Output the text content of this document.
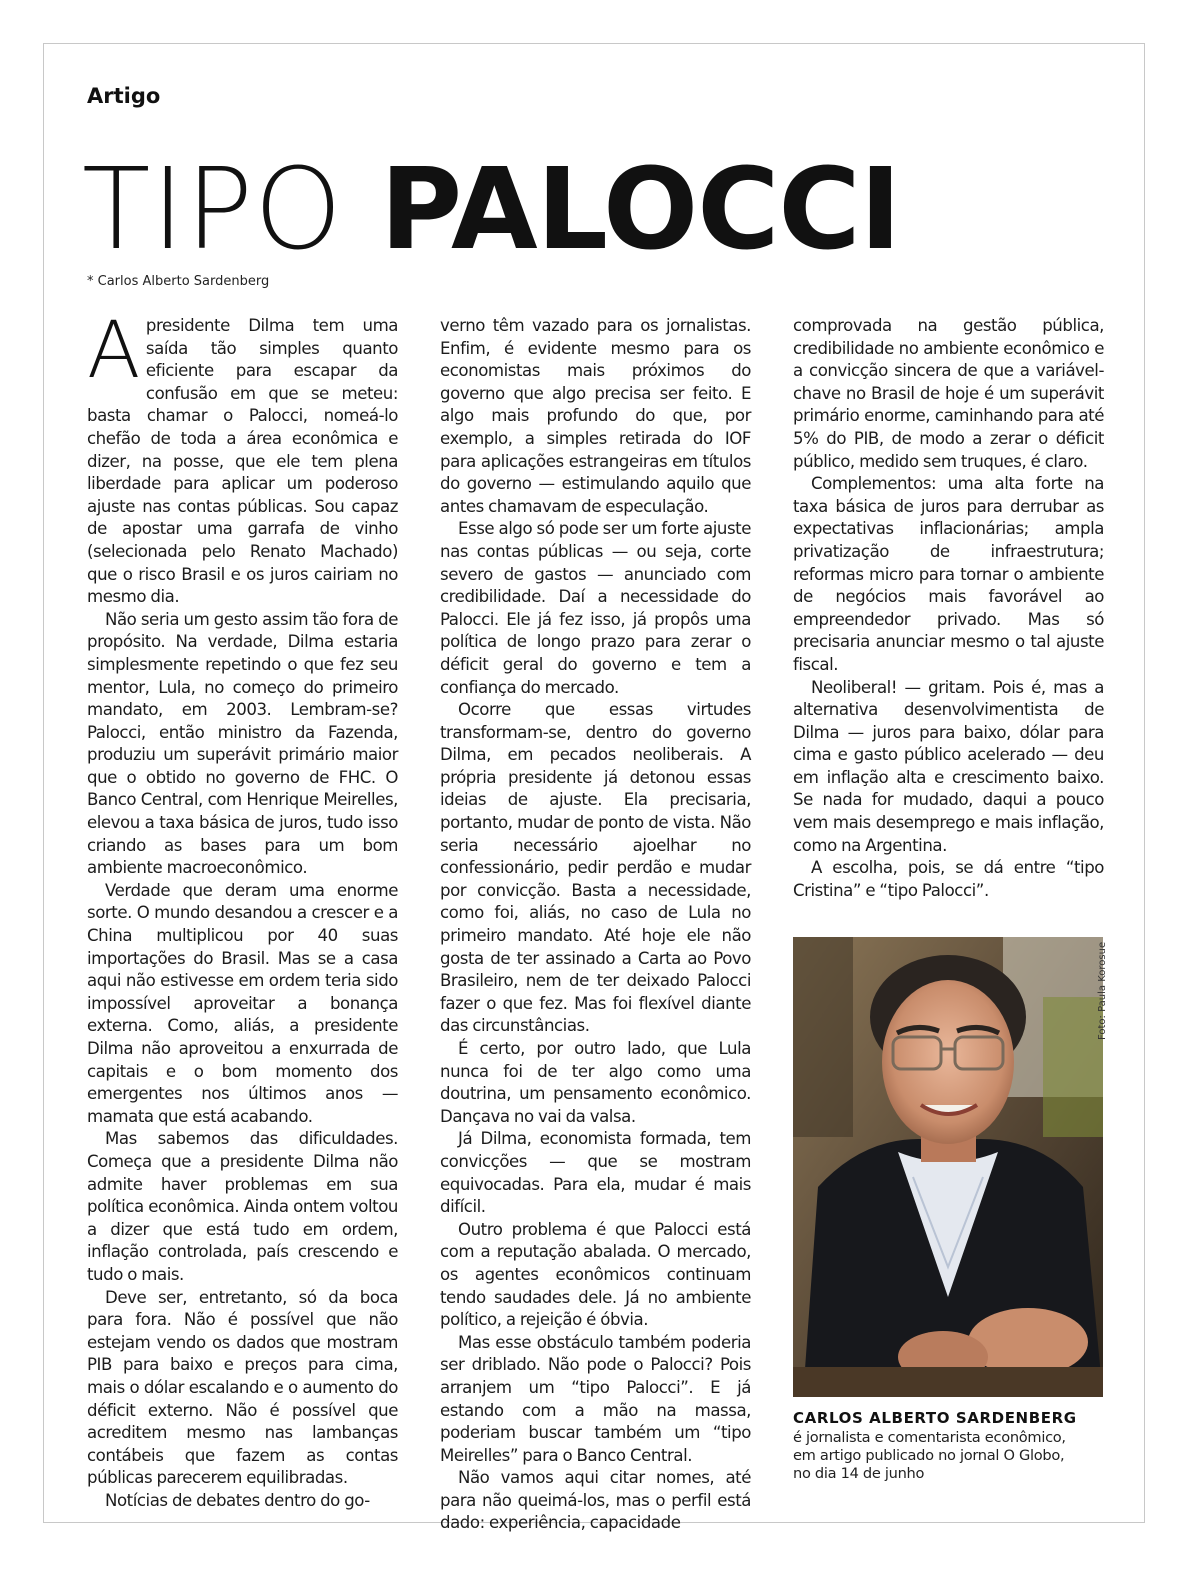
Artigo
TIPO PALOCCI
* Carlos Alberto Sardenberg

Apresidente Dilma tem uma saída tão simples quanto eficiente para escapar da confusão em que se meteu: basta chamar o Palocci, nomeá-lo chefão de toda a área econômica e dizer, na posse, que ele tem plena liberdade para aplicar um poderoso ajuste nas contas públicas. Sou capaz de apostar uma garrafa de vinho (selecionada pelo Renato Machado) que o risco Brasil e os juros cairiam no mesmo dia.

Não seria um gesto assim tão fora de propósito. Na verdade, Dilma estaria simplesmente repetindo o que fez seu mentor, Lula, no começo do primeiro mandato, em 2003. Lembram-se? Palocci, então ministro da Fazenda, produziu um superávit primário maior que o obtido no governo de FHC. O Banco Central, com Henrique Meirelles, elevou a taxa básica de juros, tudo isso criando as bases para um bom ambiente macroeconômico.

Verdade que deram uma enorme sorte. O mundo desandou a crescer e a China multiplicou por 40 suas importações do Brasil. Mas se a casa aqui não estivesse em ordem teria sido impossível aproveitar a bonança externa. Como, aliás, a presidente Dilma não aproveitou a enxurrada de capitais e o bom momento dos emergentes nos últimos anos — mamata que está acabando.

Mas sabemos das dificuldades. Começa que a presidente Dilma não admite haver problemas em sua política econômica. Ainda ontem voltou a dizer que está tudo em ordem, inflação controlada, país crescendo e tudo o mais.

Deve ser, entretanto, só da boca para fora. Não é possível que não estejam vendo os dados que mostram PIB para baixo e preços para cima, mais o dólar escalando e o aumento do déficit externo. Não é possível que acreditem mesmo nas lambanças contábeis que fazem as contas públicas parecerem equilibradas.

Notícias de debates dentro do go-

verno têm vazado para os jornalistas. Enfim, é evidente mesmo para os economistas mais próximos do governo que algo precisa ser feito. E algo mais profundo do que, por exemplo, a simples retirada do IOF para aplicações estrangeiras em títulos do governo — estimulando aquilo que antes chamavam de especulação.

Esse algo só pode ser um forte ajuste nas contas públicas — ou seja, corte severo de gastos — anunciado com credibilidade. Daí a necessidade do Palocci. Ele já fez isso, já propôs uma política de longo prazo para zerar o déficit geral do governo e tem a confiança do mercado.

Ocorre que essas virtudes transformam-se, dentro do governo Dilma, em pecados neoliberais. A própria presidente já detonou essas ideias de ajuste. Ela precisaria, portanto, mudar de ponto de vista. Não seria necessário ajoelhar no confessionário, pedir perdão e mudar por convicção. Basta a necessidade, como foi, aliás, no caso de Lula no primeiro mandato. Até hoje ele não gosta de ter assinado a Carta ao Povo Brasileiro, nem de ter deixado Palocci fazer o que fez. Mas foi flexível diante das circunstâncias.

É certo, por outro lado, que Lula nunca foi de ter algo como uma doutrina, um pensamento econômico. Dançava no vai da valsa.

Já Dilma, economista formada, tem convicções — que se mostram equivocadas. Para ela, mudar é mais difícil.

Outro problema é que Palocci está com a reputação abalada. O mercado, os agentes econômicos continuam tendo saudades dele. Já no ambiente político, a rejeição é óbvia.

Mas esse obstáculo também poderia ser driblado. Não pode o Palocci? Pois arranjem um “tipo Palocci”. E já estando com a mão na massa, poderiam buscar também um “tipo Meirelles” para o Banco Central.

Não vamos aqui citar nomes, até para não queimá-los, mas o perfil está dado: experiência, capacidade

comprovada na gestão pública, credibilidade no ambiente econômico e a convicção sincera de que a variável-chave no Brasil de hoje é um superávit primário enorme, caminhando para até 5% do PIB, de modo a zerar o déficit público, medido sem truques, é claro.

Complementos: uma alta forte na taxa básica de juros para derrubar as expectativas inflacionárias; ampla privatização de infraestrutura; reformas micro para tornar o ambiente de negócios mais favorável ao empreendedor privado. Mas só precisaria anunciar mesmo o tal ajuste fiscal.

Neoliberal! — gritam. Pois é, mas a alternativa desenvolvimentista de Dilma — juros para baixo, dólar para cima e gasto público acelerado — deu em inflação alta e crescimento baixo. Se nada for mudado, daqui a pouco vem mais desemprego e mais inflação, como na Argentina.

A escolha, pois, se dá entre “tipo Cristina” e “tipo Palocci”.

Foto: Paula Korosue
CARLOS ALBERTO SARDENBERG
é jornalista e comentarista econômico,
em artigo publicado no jornal O Globo,
no dia 14 de junho
